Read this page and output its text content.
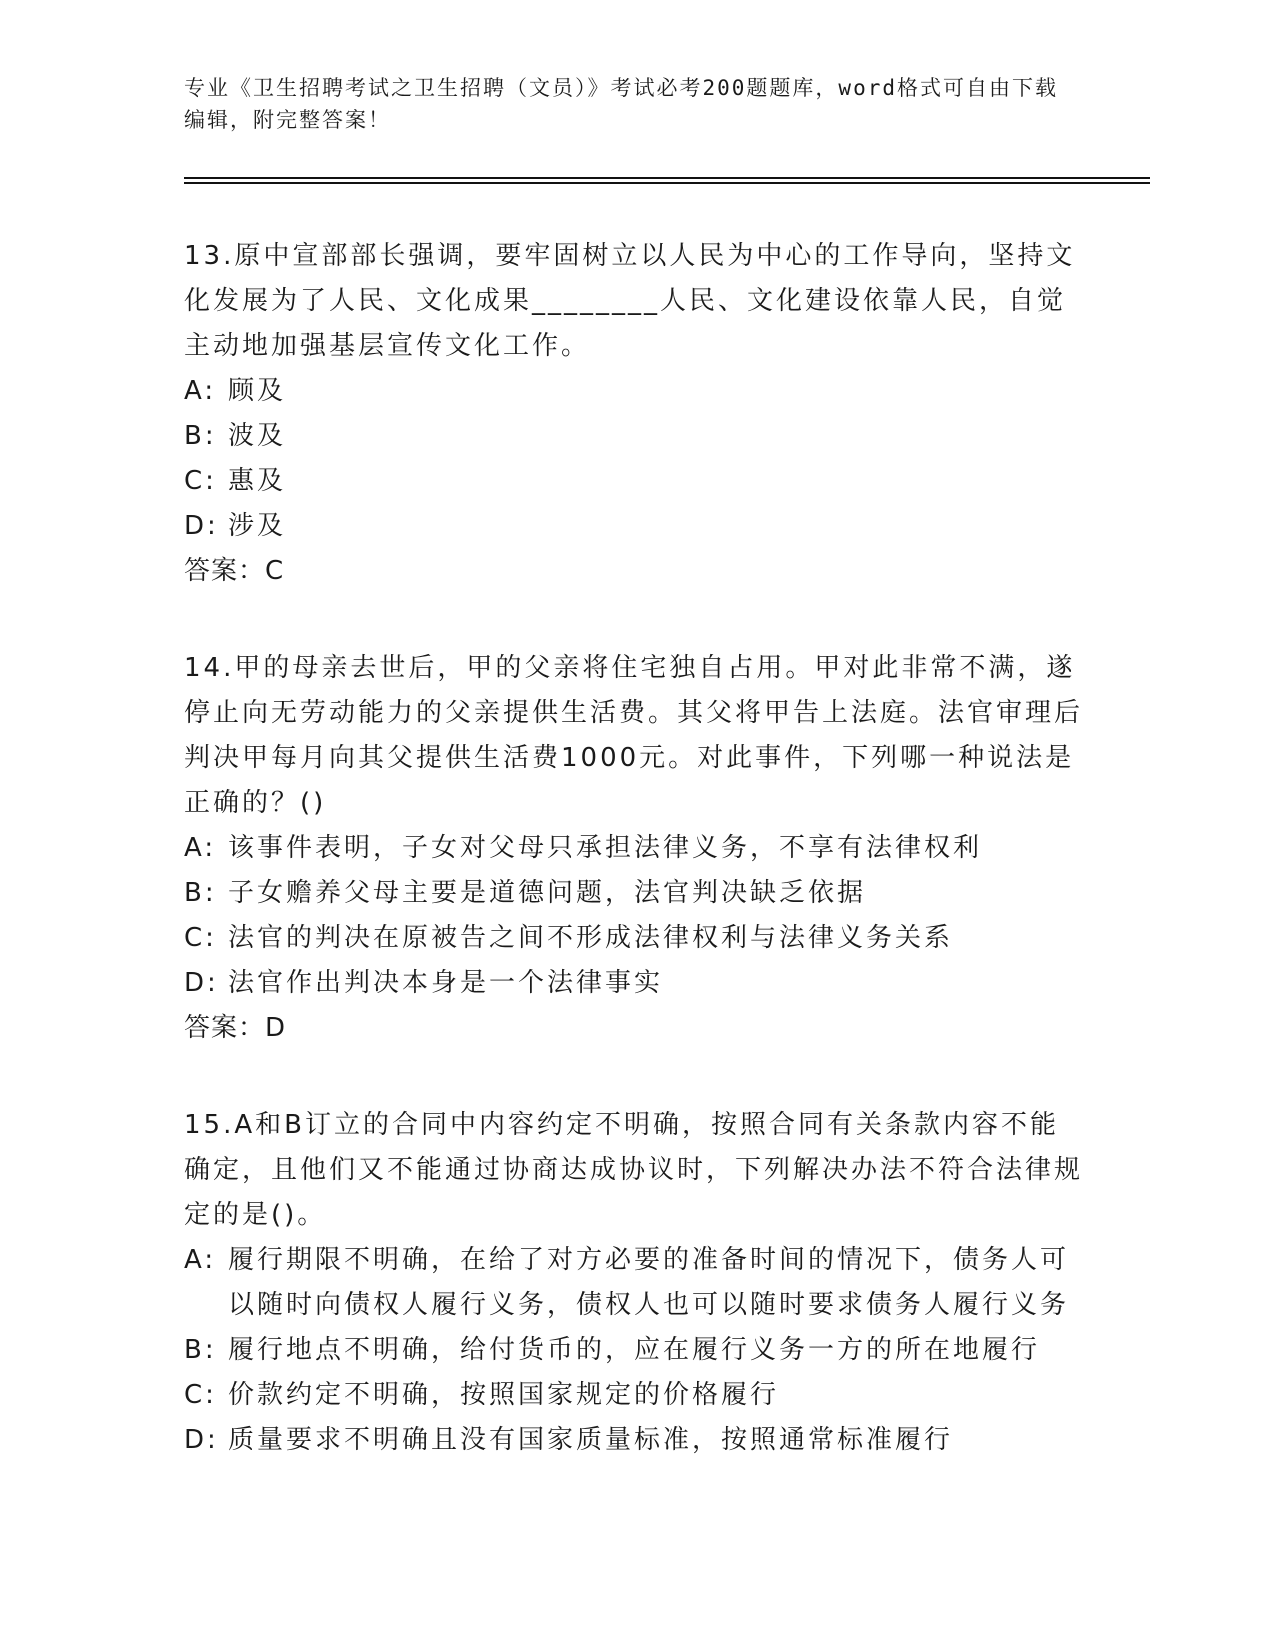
专业《卫生招聘考试之卫生招聘（文员）》考试必考200题题库，word格式可自由下载编辑，附完整答案！

13.原中宣部部长强调，要牢固树立以人民为中心的工作导向，坚持文化发展为了人民、文化成果________人民、文化建设依靠人民，自觉主动地加强基层宣传文化工作。

A: 顾及
B: 波及
C: 惠及
D: 涉及
答案：C

14.甲的母亲去世后，甲的父亲将住宅独自占用。甲对此非常不满，遂停止向无劳动能力的父亲提供生活费。其父将甲告上法庭。法官审理后判决甲每月向其父提供生活费1000元。对此事件，下列哪一种说法是正确的？()

A: 该事件表明，子女对父母只承担法律义务，不享有法律权利
B: 子女赡养父母主要是道德问题，法官判决缺乏依据
C: 法官的判决在原被告之间不形成法律权利与法律义务关系
D: 法官作出判决本身是一个法律事实
答案：D

15.A和B订立的合同中内容约定不明确，按照合同有关条款内容不能确定，且他们又不能通过协商达成协议时，下列解决办法不符合法律规定的是()。

A: 履行期限不明确，在给了对方必要的准备时间的情况下，债务人可以随时向债权人履行义务，债权人也可以随时要求债务人履行义务
B: 履行地点不明确，给付货币的，应在履行义务一方的所在地履行
C: 价款约定不明确，按照国家规定的价格履行
D: 质量要求不明确且没有国家质量标准，按照通常标准履行
